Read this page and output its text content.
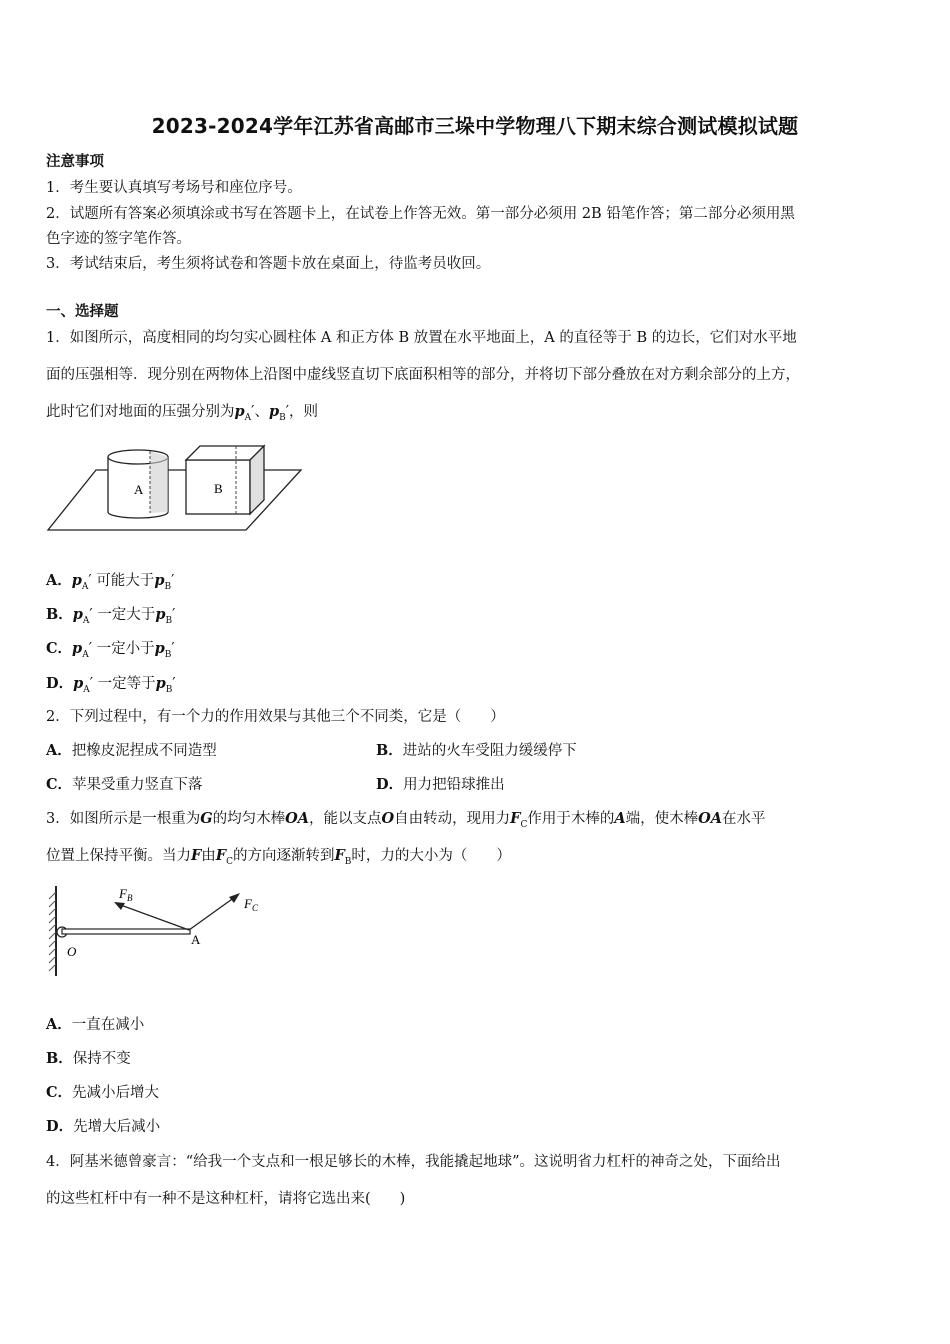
2023-2024学年江苏省高邮市三垛中学物理八下期末综合测试模拟试题
注意事项
1．考生要认真填写考场号和座位序号。
2．试题所有答案必须填涂或书写在答题卡上，在试卷上作答无效。第一部分必须用 2B 铅笔作答；第二部分必须用黑
色字迹的签字笔作答。
3．考试结束后，考生须将试卷和答题卡放在桌面上，待监考员收回。
一、选择题
1．如图所示，高度相同的均匀实心圆柱体 A 和正方体 B 放置在水平地面上，A 的直径等于 B 的边长，它们对水平地
面的压强相等．现分别在两物体上沿图中虚线竖直切下底面积相等的部分，并将切下部分叠放在对方剩余部分的上方，
此时它们对地面的压强分别为$p_A'$、$p_B'$，则
A	B
A．$p_A'$ 可能大于$p_B'$
B．$p_A'$ 一定大于$p_B'$
C．$p_A'$ 一定小于$p_B'$
D．$p_A'$ 一定等于$p_B'$
2．下列过程中，有一个力的作用效果与其他三个不同类，它是（　　）
A．把橡皮泥捏成不同造型	B．进站的火车受阻力缓缓停下
C．苹果受重力竖直下落	D．用力把铅球推出
3．如图所示是一根重为G的均匀木棒OA，能以支点O自由转动，现用力$F_C$作用于木棒的A端，使木棒OA在水平
位置上保持平衡。当力F由$F_C$的方向逐渐转到$F_B$时，力的大小为（　　）
$F_B$	$F_C$
A
O
A．一直在减小
B．保持不变
C．先减小后增大
D．先增大后减小
4．阿基米德曾豪言：“给我一个支点和一根足够长的木棒，我能撬起地球”。这说明省力杠杆的神奇之处，下面给出
的这些杠杆中有一种不是这种杠杆，请将它选出来(　　)
